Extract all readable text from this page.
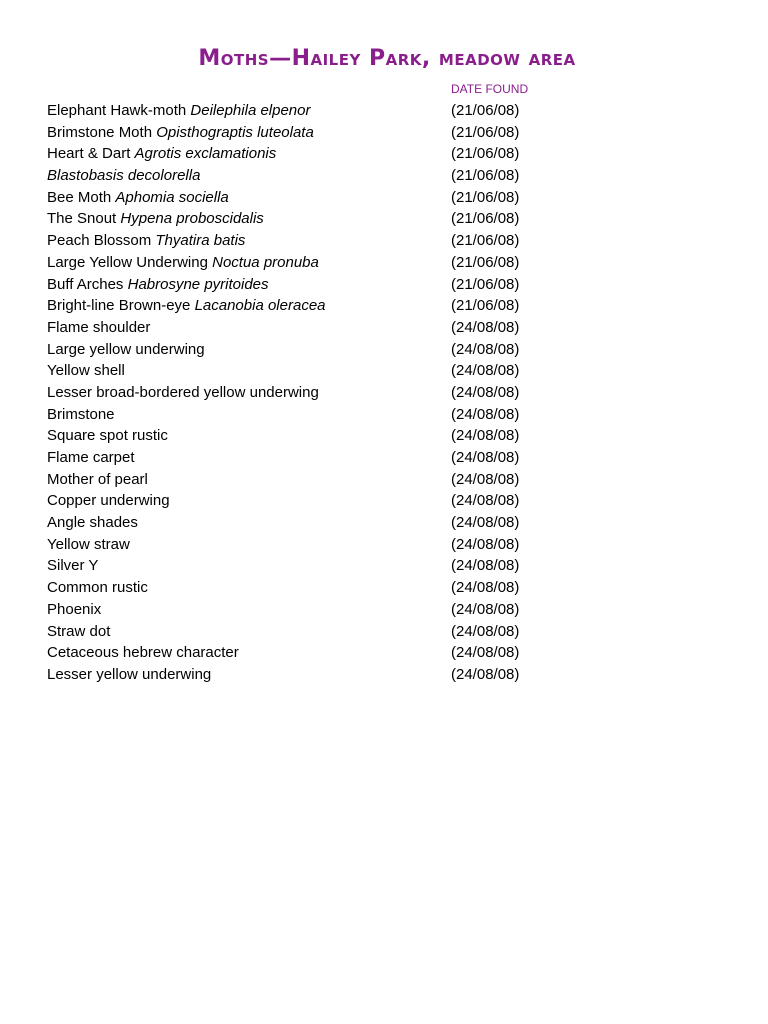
Moths—Hailey Park, meadow area
DATE FOUND
Elephant Hawk-moth Deilephila elpenor	(21/06/08)
Brimstone Moth Opisthograptis luteolata	(21/06/08)
Heart & Dart Agrotis exclamationis	(21/06/08)
Blastobasis decolorella	(21/06/08)
Bee Moth Aphomia sociella	(21/06/08)
The Snout Hypena proboscidalis	(21/06/08)
Peach Blossom Thyatira batis	(21/06/08)
Large Yellow Underwing Noctua pronuba	(21/06/08)
Buff Arches Habrosyne pyritoides	(21/06/08)
Bright-line Brown-eye Lacanobia oleracea	(21/06/08)
Flame shoulder	(24/08/08)
Large yellow underwing	(24/08/08)
Yellow shell	(24/08/08)
Lesser broad-bordered yellow underwing	(24/08/08)
Brimstone	(24/08/08)
Square spot rustic	(24/08/08)
Flame carpet	(24/08/08)
Mother of pearl	(24/08/08)
Copper underwing	(24/08/08)
Angle shades	(24/08/08)
Yellow straw	(24/08/08)
Silver Y	(24/08/08)
Common rustic	(24/08/08)
Phoenix	(24/08/08)
Straw dot	(24/08/08)
Cetaceous hebrew character	(24/08/08)
Lesser yellow underwing	(24/08/08)
